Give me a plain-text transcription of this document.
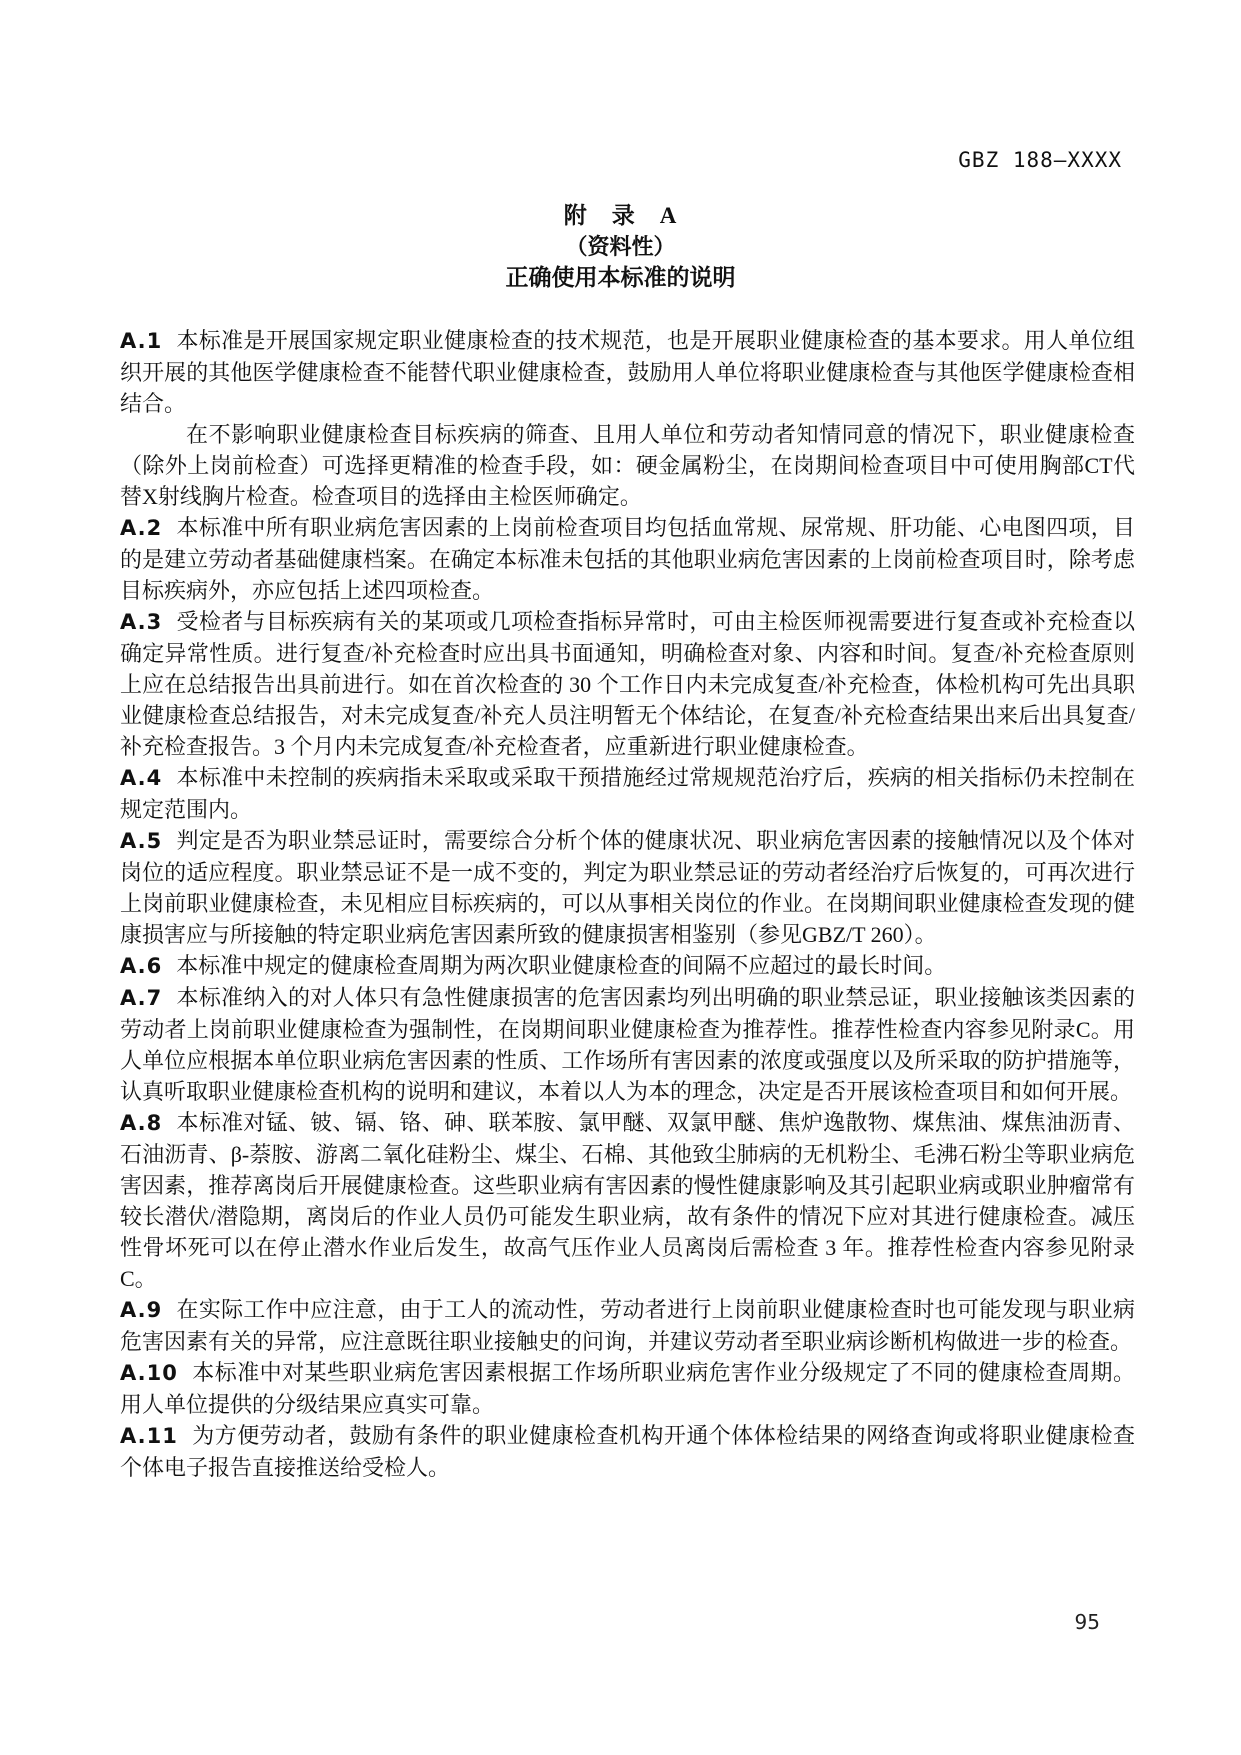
GBZ 188—XXXX
附　录　A
（资料性）
正确使用本标准的说明

A.1 本标准是开展国家规定职业健康检查的技术规范，也是开展职业健康检查的基本要求。用人单位组织开展的其他医学健康检查不能替代职业健康检查，鼓励用人单位将职业健康检查与其他医学健康检查相结合。

在不影响职业健康检查目标疾病的筛查、且用人单位和劳动者知情同意的情况下，职业健康检查（除外上岗前检查）可选择更精准的检查手段，如：硬金属粉尘，在岗期间检查项目中可使用胸部CT代替X射线胸片检查。检查项目的选择由主检医师确定。

A.2 本标准中所有职业病危害因素的上岗前检查项目均包括血常规、尿常规、肝功能、心电图四项，目的是建立劳动者基础健康档案。在确定本标准未包括的其他职业病危害因素的上岗前检查项目时，除考虑目标疾病外，亦应包括上述四项检查。

A.3 受检者与目标疾病有关的某项或几项检查指标异常时，可由主检医师视需要进行复查或补充检查以确定异常性质。进行复查/补充检查时应出具书面通知，明确检查对象、内容和时间。复查/补充检查原则上应在总结报告出具前进行。如在首次检查的 30 个工作日内未完成复查/补充检查，体检机构可先出具职业健康检查总结报告，对未完成复查/补充人员注明暂无个体结论，在复查/补充检查结果出来后出具复查/补充检查报告。3 个月内未完成复查/补充检查者，应重新进行职业健康检查。

A.4 本标准中未控制的疾病指未采取或采取干预措施经过常规规范治疗后，疾病的相关指标仍未控制在规定范围内。

A.5 判定是否为职业禁忌证时，需要综合分析个体的健康状况、职业病危害因素的接触情况以及个体对岗位的适应程度。职业禁忌证不是一成不变的，判定为职业禁忌证的劳动者经治疗后恢复的，可再次进行上岗前职业健康检查，未见相应目标疾病的，可以从事相关岗位的作业。在岗期间职业健康检查发现的健康损害应与所接触的特定职业病危害因素所致的健康损害相鉴别（参见GBZ/T 260）。

A.6 本标准中规定的健康检查周期为两次职业健康检查的间隔不应超过的最长时间。

A.7 本标准纳入的对人体只有急性健康损害的危害因素均列出明确的职业禁忌证，职业接触该类因素的劳动者上岗前职业健康检查为强制性，在岗期间职业健康检查为推荐性。推荐性检查内容参见附录C。用人单位应根据本单位职业病危害因素的性质、工作场所有害因素的浓度或强度以及所采取的防护措施等，认真听取职业健康检查机构的说明和建议，本着以人为本的理念，决定是否开展该检查项目和如何开展。

A.8 本标准对锰、铍、镉、铬、砷、联苯胺、氯甲醚、双氯甲醚、焦炉逸散物、煤焦油、煤焦油沥青、石油沥青、β-萘胺、游离二氧化硅粉尘、煤尘、石棉、其他致尘肺病的无机粉尘、毛沸石粉尘等职业病危害因素，推荐离岗后开展健康检查。这些职业病有害因素的慢性健康影响及其引起职业病或职业肿瘤常有较长潜伏/潜隐期，离岗后的作业人员仍可能发生职业病，故有条件的情况下应对其进行健康检查。减压性骨坏死可以在停止潜水作业后发生，故高气压作业人员离岗后需检查 3 年。推荐性检查内容参见附录C。

A.9 在实际工作中应注意，由于工人的流动性，劳动者进行上岗前职业健康检查时也可能发现与职业病危害因素有关的异常，应注意既往职业接触史的问询，并建议劳动者至职业病诊断机构做进一步的检查。

A.10 本标准中对某些职业病危害因素根据工作场所职业病危害作业分级规定了不同的健康检查周期。用人单位提供的分级结果应真实可靠。

A.11 为方便劳动者，鼓励有条件的职业健康检查机构开通个体体检结果的网络查询或将职业健康检查个体电子报告直接推送给受检人。

95
